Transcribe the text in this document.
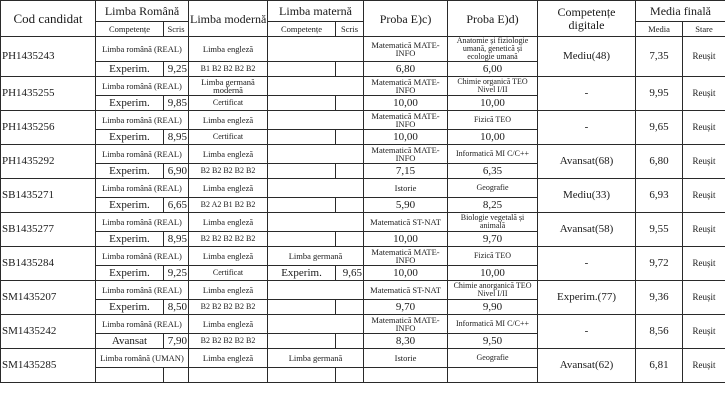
Cod candidat	Limba Română		Limba modernă	Limba maternă		Proba E)c)	Proba E)d)	Competențe digitale	Media finală	
	Competențe	Scris		Competențe	Scris				Media	Stare
PH1435243	Limba română (REAL)		Limba engleză			Matematică MATE-INFO	Anatomie și fiziologie umană, genetică și ecologie umană	Mediu(48)	7,35	Reușit
	Experim.	9,25	B1 B2 B2 B2 B2			6,80	6,00			
PH1435255	Limba română (REAL)		Limba germană modernă			Matematică MATE-INFO	Chimie organică TEO Nivel I/II	-	9,95	Reușit
	Experim.	9,85	Certificat			10,00	10,00			
PH1435256	Limba română (REAL)		Limba engleză			Matematică MATE-INFO	Fizică TEO	-	9,65	Reușit
	Experim.	8,95	Certificat			10,00	10,00			
PH1435292	Limba română (REAL)		Limba engleză			Matematică MATE-INFO	Informatică MI C/C++	Avansat(68)	6,80	Reușit
	Experim.	6,90	B2 B2 B2 B2 B2			7,15	6,35			
SB1435271	Limba română (REAL)		Limba engleză			Istorie	Geografie	Mediu(33)	6,93	Reușit
	Experim.	6,65	B2 A2 B1 B2 B2			5,90	8,25			
SB1435277	Limba română (REAL)		Limba engleză			Matematică ST-NAT	Biologie vegetală și animală	Avansat(58)	9,55	Reușit
	Experim.	8,95	B2 B2 B2 B2 B2			10,00	9,70			
SB1435284	Limba română (REAL)		Limba engleză	Limba germană		Matematică MATE-INFO	Fizică TEO	-	9,72	Reușit
	Experim.	9,25	Certificat	Experim.	9,65	10,00	10,00			
SM1435207	Limba română (REAL)		Limba engleză			Matematică ST-NAT	Chimie anorganică TEO Nivel I/II	Experim.(77)	9,36	Reușit
	Experim.	8,50	B2 B2 B2 B2 B2			9,70	9,90			
SM1435242	Limba română (REAL)		Limba engleză			Matematică MATE-INFO	Informatică MI C/C++	-	8,56	Reușit
	Avansat	7,90	B2 B2 B2 B2 B2			8,30	9,50			
SM1435285	Limba română (UMAN)		Limba engleză	Limba germană		Istorie	Geografie	Avansat(62)	6,81	Reușit
